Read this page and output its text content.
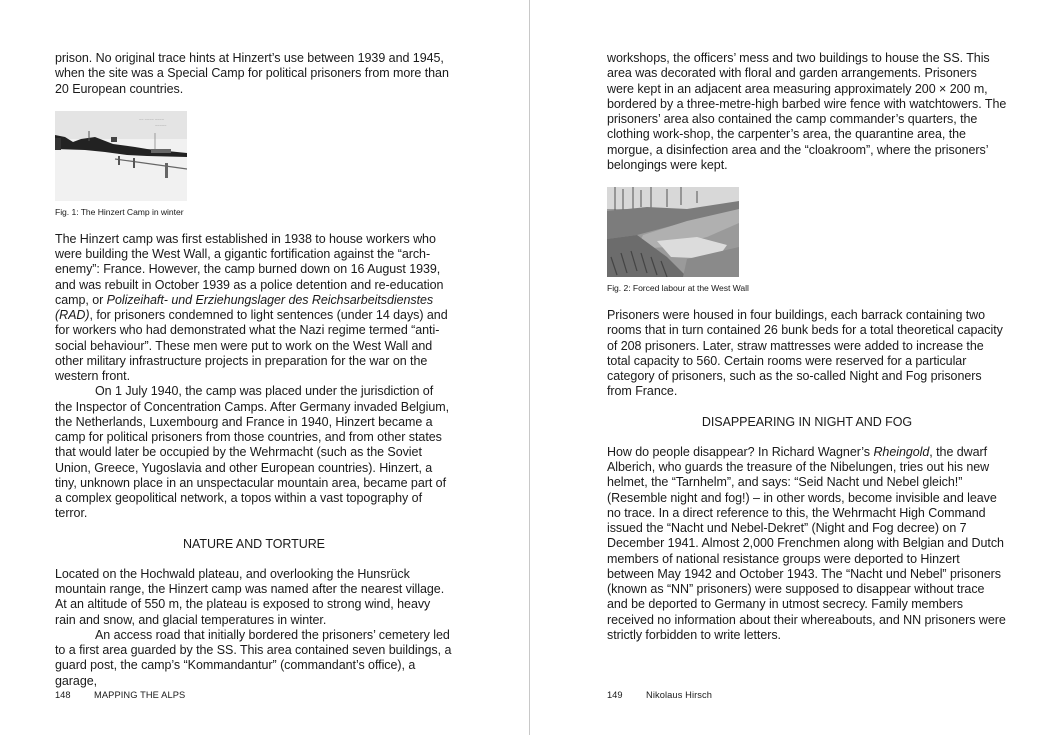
prison. No original trace hints at Hinzert’s use between 1939 and 1945, when the site was a Special Camp for political prisoners from more than 20 European countries.

~~ ~~~~ ~~~~
~~~~~
Fig. 1: The Hinzert Camp in winter

The Hinzert camp was first established in 1938 to house workers who were building the West Wall, a gigantic fortification against the “arch-enemy”: France. However, the camp burned down on 16 August 1939, and was rebuilt in October 1939 as a police detention and re-education camp, or Polizeihaft- und Erziehungslager des Reichsarbeitsdienstes (RAD), for prisoners condemned to light sentences (under 14 days) and for workers who had demonstrated what the Nazi regime termed “anti-social behaviour”. These men were put to work on the West Wall and other military infrastructure projects in preparation for the war on the western front.

On 1 July 1940, the camp was placed under the jurisdiction of the Inspector of Concentration Camps. After Germany invaded Belgium, the Netherlands, Luxembourg and France in 1940, Hinzert became a camp for political prisoners from those countries, and from other states that would later be occupied by the Wehrmacht (such as the Soviet Union, Greece, Yugoslavia and other European countries). Hinzert, a tiny, unknown place in an unspectacular mountain area, became part of a complex geopolitical network, a topos within a vast topography of terror.

NATURE AND TORTURE

Located on the Hochwald plateau, and overlooking the Hunsrück mountain range, the Hinzert camp was named after the nearest village. At an altitude of 550 m, the plateau is exposed to strong wind, heavy rain and snow, and glacial temperatures in winter.

An access road that initially bordered the prisoners’ cemetery led to a first area guarded by the SS. This area contained seven buildings, a guard post, the camp’s “Kommandantur” (commandant’s office), a garage,

148	MAPPING THE ALPS

workshops, the officers’ mess and two buildings to house the SS. This area was decorated with floral and garden arrangements. Prisoners were kept in an adjacent area measuring approximately 200 × 200 m, bordered by a three-metre-high barbed wire fence with watchtowers. The prisoners’ area also contained the camp commander’s quarters, the clothing work-shop, the carpenter’s area, the quarantine area, the morgue, a disinfection area and the “cloakroom”, where the prisoners’ belongings were kept.

Fig. 2: Forced labour at the West Wall

Prisoners were housed in four buildings, each barrack containing two rooms that in turn contained 26 bunk beds for a total theoretical capacity of 208 prisoners. Later, straw mattresses were added to increase the total capacity to 560. Certain rooms were reserved for a particular category of prisoners, such as the so-called Night and Fog prisoners from France.

DISAPPEARING IN NIGHT AND FOG

How do people disappear? In Richard Wagner’s Rheingold, the dwarf Alberich, who guards the treasure of the Nibelungen, tries out his new helmet, the “Tarnhelm”, and says: “Seid Nacht und Nebel gleich!” (Resemble night and fog!) – in other words, become invisible and leave no trace. In a direct reference to this, the Wehrmacht High Command issued the “Nacht und Nebel-Dekret” (Night and Fog decree) on 7 December 1941. Almost 2,000 Frenchmen along with Belgian and Dutch members of national resistance groups were deported to Hinzert between May 1942 and October 1943. The “Nacht und Nebel” prisoners (known as “NN” prisoners) were supposed to disappear without trace and be deported to Germany in utmost secrecy. Family members received no information about their whereabouts, and NN prisoners were strictly forbidden to write letters.

149	Nikolaus Hirsch
